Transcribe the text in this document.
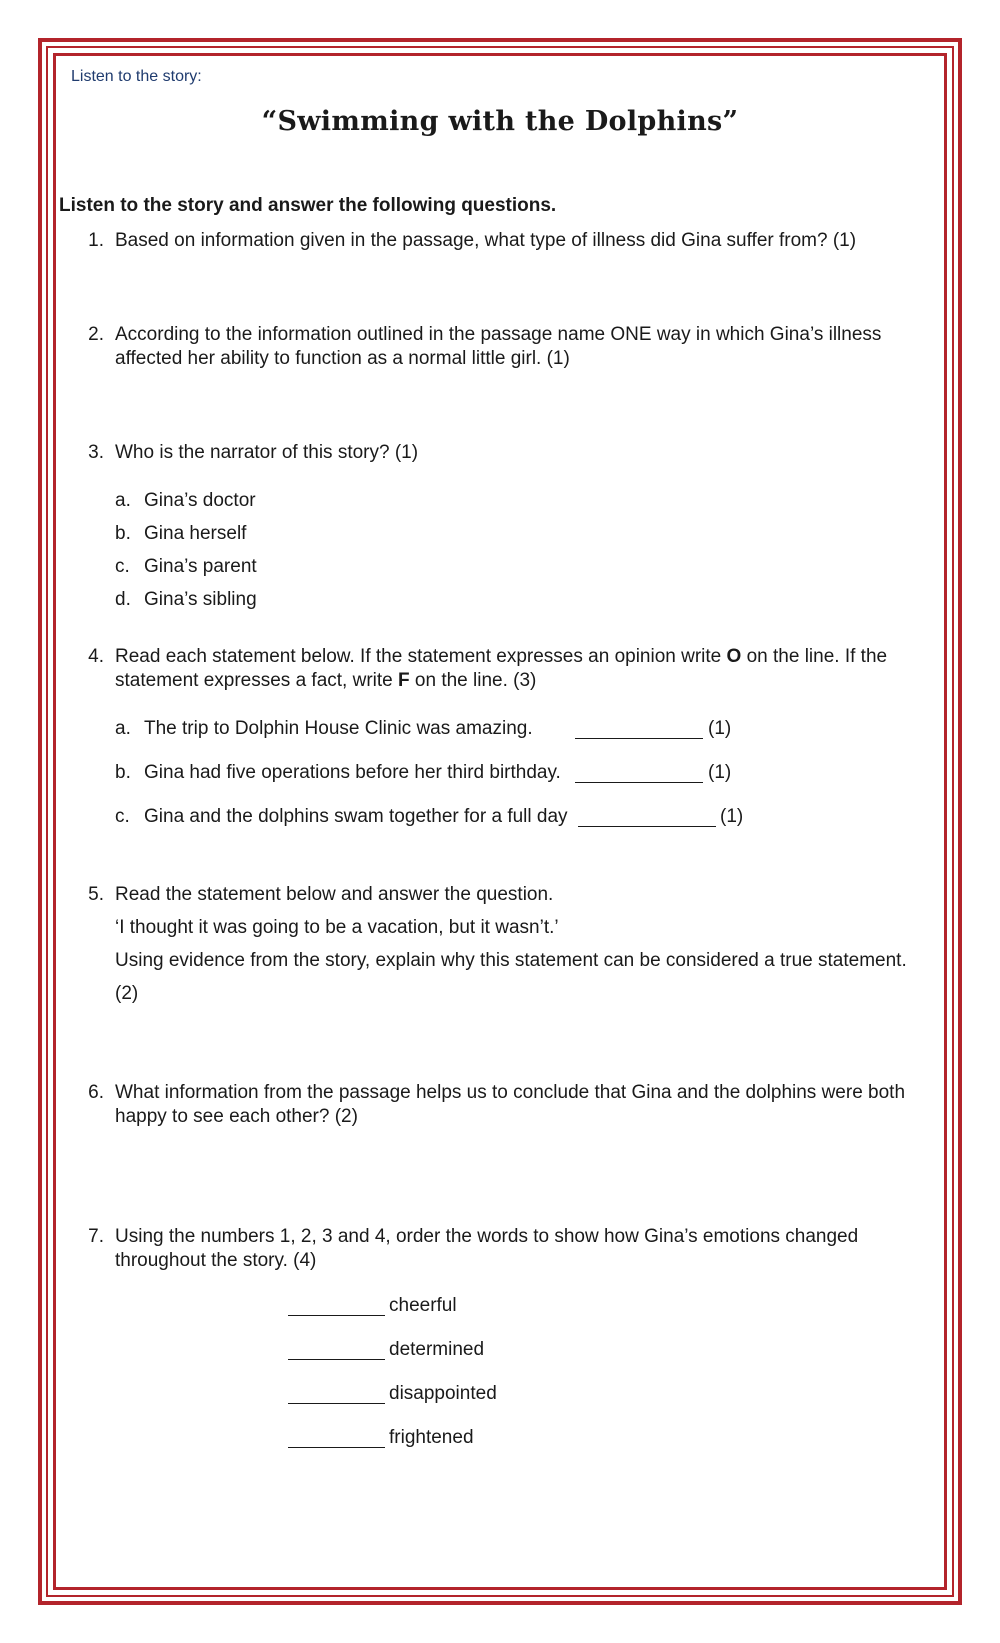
Listen to the story:
“Swimming with the Dolphins”
Listen to the story and answer the following questions.
1. Based on information given in the passage, what type of illness did Gina suffer from? (1)
2. According to the information outlined in the passage name ONE way in which Gina’s illness
affected her ability to function as a normal little girl. (1)
3. Who is the narrator of this story? (1)
a. Gina’s doctor
b. Gina herself
c. Gina’s parent
d. Gina’s sibling
4. Read each statement below. If the statement expresses an opinion write O on the line. If the
statement expresses a fact, write F on the line. (3)
a. The trip to Dolphin House Clinic was amazing.	(1)
b. Gina had five operations before her third birthday.	(1)
c. Gina and the dolphins swam together for a full day	(1)
5. Read the statement below and answer the question.
‘I thought it was going to be a vacation, but it wasn’t.’
Using evidence from the story, explain why this statement can be considered a true statement.
(2)
6. What information from the passage helps us to conclude that Gina and the dolphins were both
happy to see each other? (2)
7. Using the numbers 1, 2, 3 and 4, order the words to show how Gina’s emotions changed
throughout the story. (4)
cheerful
determined
disappointed
frightened
